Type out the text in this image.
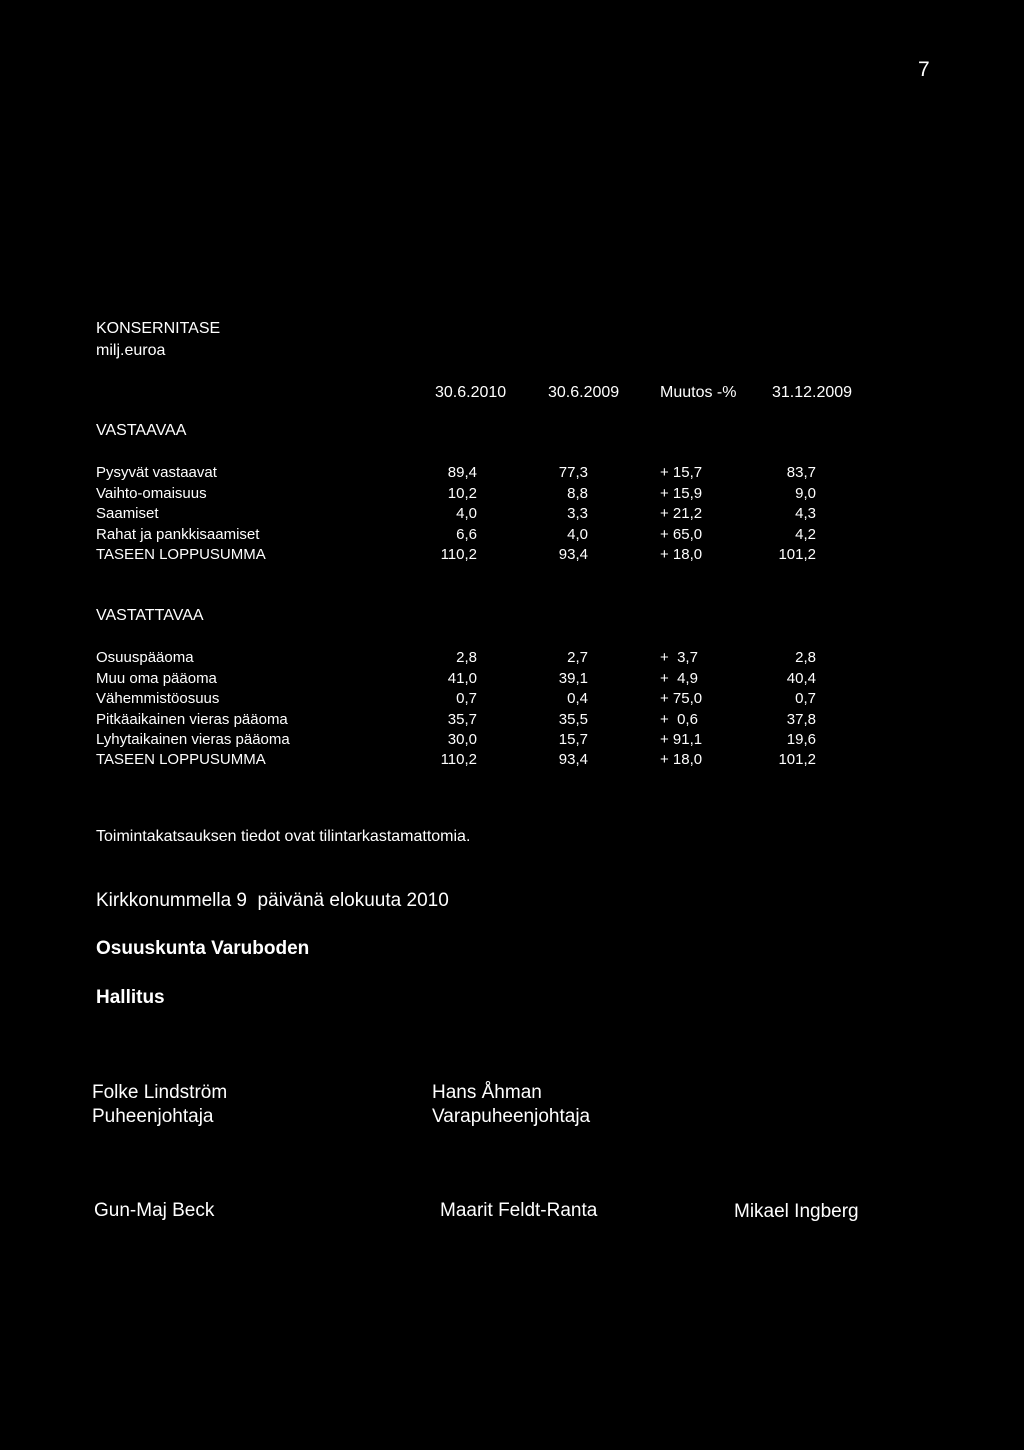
7
KONSERNITASE
milj.euroa
30.6.2010	30.6.2009	Muutos -% 31.12.2009
VASTAAVAA
Pysyvät vastaavat	89,4	77,3	+ 15,7	83,7
Vaihto-omaisuus	10,2	8,8	+ 15,9	9,0
Saamiset	4,0	3,3	+ 21,2	4,3
Rahat ja pankkisaamiset	6,6	4,0	+ 65,0	4,2
TASEEN LOPPUSUMMA	110,2	93,4	+ 18,0	101,2
VASTATTAVAA
Osuuspääoma	2,8	2,7	+  3,7	2,8
Muu oma pääoma	41,0	39,1	+  4,9	40,4
Vähemmistöosuus	0,7	0,4	+ 75,0	0,7
Pitkäaikainen vieras pääoma	35,7	35,5	+  0,6	37,8
Lyhytaikainen vieras pääoma	30,0	15,7	+ 91,1	19,6
TASEEN LOPPUSUMMA	110,2	93,4	+ 18,0	101,2
Toimintakatsauksen tiedot ovat tilintarkastamattomia.
Kirkkonummella 9  päivänä elokuuta 2010
Osuuskunta Varuboden
Hallitus
Folke Lindström
Puheenjohtaja
Hans Åhman
Varapuheenjohtaja
Gun-Maj Beck	Maarit Feldt-Ranta	Mikael Ingberg
